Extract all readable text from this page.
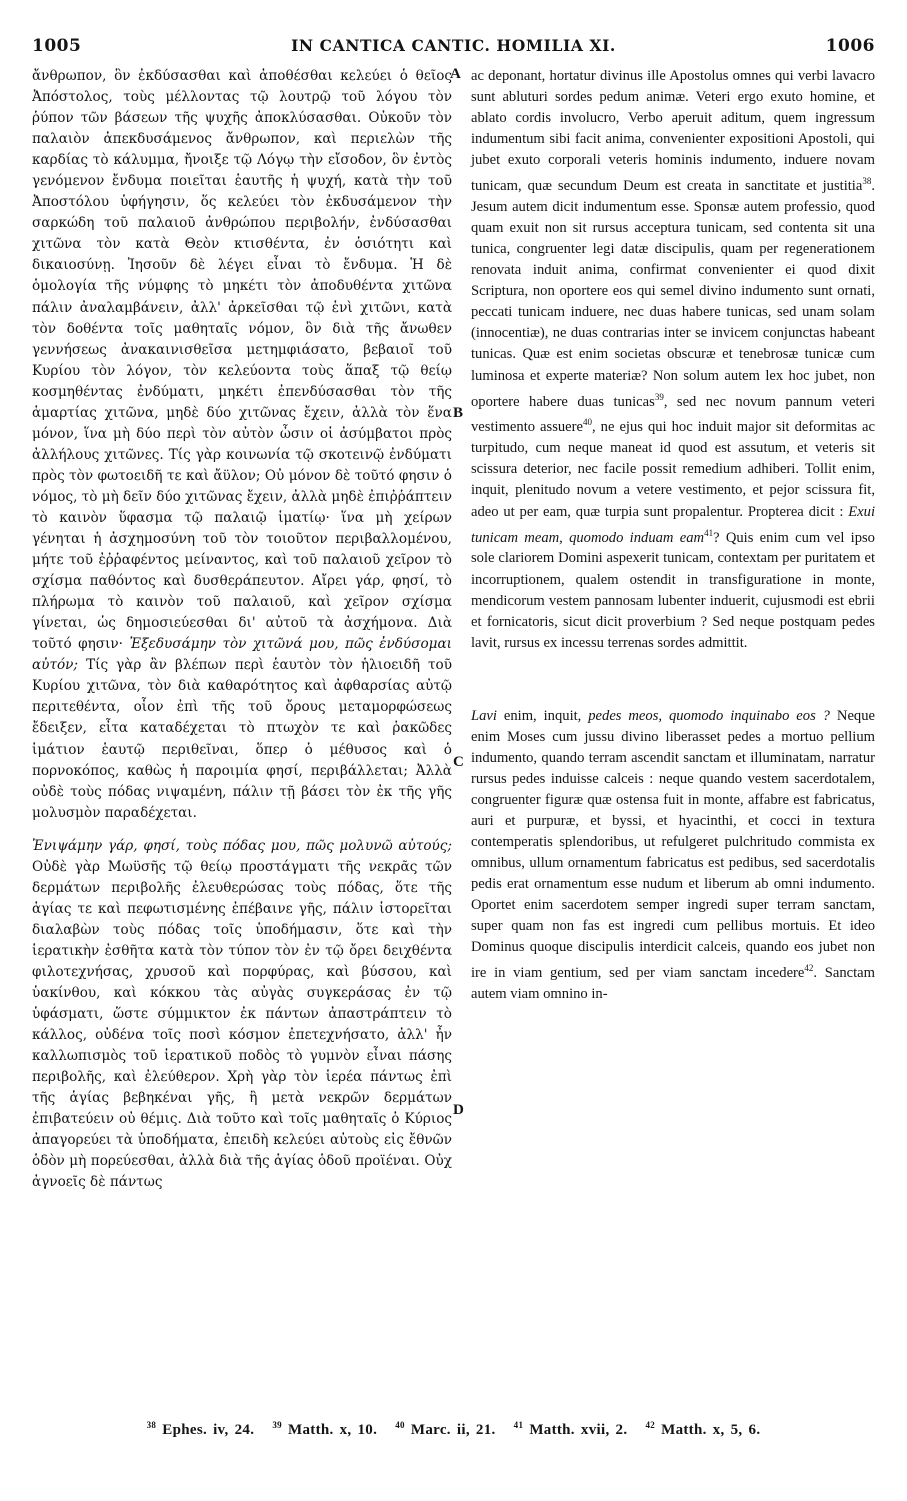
1005	IN CANTICA CANTIC. HOMILIA XI.	1006
A
B
C
D

ἄνθρωπον, ὃν ἐκδύσασθαι καὶ ἀποθέσθαι κελεύει ὁ θεῖος Ἀπόστολος, τοὺς μέλλοντας τῷ λουτρῷ τοῦ λόγου τὸν ῥύπον τῶν βάσεων τῆς ψυχῆς ἀποκλύσασθαι. Οὐκοῦν τὸν παλαιὸν ἀπεκδυσάμενος ἄνθρωπον, καὶ περιελὼν τῆς καρδίας τὸ κάλυμμα, ἤνοιξε τῷ Λόγῳ τὴν εἴσοδον, ὃν ἐντὸς γενόμενον ἔνδυμα ποιεῖται ἑαυτῆς ἡ ψυχή, κατὰ τὴν τοῦ Ἀποστόλου ὑφήγησιν, ὅς κελεύει τὸν ἐκδυσάμενον τὴν σαρκώδη τοῦ παλαιοῦ ἀνθρώπου περιβολήν, ἐνδύσασθαι χιτῶνα τὸν κατὰ Θεὸν κτισθέντα, ἐν ὁσιότητι καὶ δικαιοσύνῃ. Ἰησοῦν δὲ λέγει εἶναι τὸ ἔνδυμα. Ἡ δὲ ὁμολογία τῆς νύμφης τὸ μηκέτι τὸν ἀποδυθέντα χιτῶνα πάλιν ἀναλαμβάνειν, ἀλλ' ἀρκεῖσθαι τῷ ἑνὶ χιτῶνι, κατὰ τὸν δοθέντα τοῖς μαθηταῖς νόμον, ὃν διὰ τῆς ἄνωθεν γεννήσεως ἀνακαινισθεῖσα μετημφιάσατο, βεβαιοῖ τοῦ Κυρίου τὸν λόγον, τὸν κελεύοντα τοὺς ἅπαξ τῷ θείῳ κοσμηθέντας ἐνδύματι, μηκέτι ἐπενδύσασθαι τὸν τῆς ἁμαρτίας χιτῶνα, μηδὲ δύο χιτῶνας ἔχειν, ἀλλὰ τὸν ἕνα μόνον, ἵνα μὴ δύο περὶ τὸν αὐτὸν ὦσιν οἱ ἀσύμβατοι πρὸς ἀλλήλους χιτῶνες. Τίς γὰρ κοινωνία τῷ σκοτεινῷ ἐνδύματι πρὸς τὸν φωτοειδῆ τε καὶ ἄϋλον; Οὐ μόνον δὲ τοῦτό φησιν ὁ νόμος, τὸ μὴ δεῖν δύο χιτῶνας ἔχειν, ἀλλὰ μηδὲ ἐπιῤῥάπτειν τὸ καινὸν ὕφασμα τῷ παλαιῷ ἱματίῳ· ἵνα μὴ χείρων γένηται ἡ ἀσχημοσύνη τοῦ τὸν τοιοῦτον περιβαλλομένου, μήτε τοῦ ἐῤῥαφέντος μείναντος, καὶ τοῦ παλαιοῦ χεῖρον τὸ σχίσμα παθόντος καὶ δυσθεράπευτον. Αἴρει γάρ, φησί, τὸ πλήρωμα τὸ καινὸν τοῦ παλαιοῦ, καὶ χεῖρον σχίσμα γίνεται, ὡς δημοσιεύεσθαι δι' αὐτοῦ τὰ ἀσχήμονα. Διὰ τοῦτό φησιν· Ἐξεδυσάμην τὸν χιτῶνά μου, πῶς ἐνδύσομαι αὐτόν; Τίς γὰρ ἂν βλέπων περὶ ἑαυτὸν τὸν ἡλιοειδῆ τοῦ Κυρίου χιτῶνα, τὸν διὰ καθαρότητος καὶ ἀφθαρσίας αὐτῷ περιτεθέντα, οἷον ἐπὶ τῆς τοῦ ὄρους μεταμορφώσεως ἔδειξεν, εἶτα καταδέχεται τὸ πτωχὸν τε καὶ ῥακῶδες ἱμάτιον ἑαυτῷ περιθεῖναι, ὅπερ ὁ μέθυσος καὶ ὁ πορνοκόπος, καθὼς ἡ παροιμία φησί, περιβάλλεται; Ἀλλὰ οὐδὲ τοὺς πόδας νιψαμένη, πάλιν τῇ βάσει τὸν ἐκ τῆς γῆς μολυσμὸν παραδέχεται.

Ἐνιψάμην γάρ, φησί, τοὺς πόδας μου, πῶς μολυνῶ αὐτούς; Οὐδὲ γὰρ Μωϋσῆς τῷ θείῳ προστάγματι τῆς νεκρᾶς τῶν δερμάτων περιβολῆς ἐλευθερώσας τοὺς πόδας, ὅτε τῆς ἁγίας τε καὶ πεφωτισμένης ἐπέβαινε γῆς, πάλιν ἱστορεῖται διαλαβὼν τοὺς πόδας τοῖς ὑποδήμασιν, ὅτε καὶ τὴν ἱερατικὴν ἐσθῆτα κατὰ τὸν τύπον τὸν ἐν τῷ ὄρει δειχθέντα φιλοτεχνήσας, χρυσοῦ καὶ πορφύρας, καὶ βύσσου, καὶ ὑακίνθου, καὶ κόκκου τὰς αὐγὰς συγκεράσας ἐν τῷ ὑφάσματι, ὥστε σύμμικτον ἐκ πάντων ἀπαστράπτειν τὸ κάλλος, οὐδένα τοῖς ποσὶ κόσμον ἐπετεχνήσατο, ἀλλ' ἦν καλλωπισμὸς τοῦ ἱερατικοῦ ποδὸς τὸ γυμνὸν εἶναι πάσης περιβολῆς, καὶ ἐλεύθερον. Χρὴ γὰρ τὸν ἱερέα πάντως ἐπὶ τῆς ἁγίας βεβηκέναι γῆς, ἢ μετὰ νεκρῶν δερμάτων ἐπιβατεύειν οὐ θέμις. Διὰ τοῦτο καὶ τοῖς μαθηταῖς ὁ Κύριος ἀπαγορεύει τὰ ὑποδήματα, ἐπειδὴ κελεύει αὐτοὺς εἰς ἔθνῶν ὁδὸν μὴ πορεύεσθαι, ἀλλὰ διὰ τῆς ἁγίας ὁδοῦ προϊέναι. Οὐχ ἀγνοεῖς δὲ πάντως

ac deponant, hortatur divinus ille Apostolus omnes qui verbi lavacro sunt abluturi sordes pedum animæ. Veteri ergo exuto homine, et ablato cordis involucro, Verbo aperuit aditum, quem ingressum indumentum sibi facit anima, convenienter expositioni Apostoli, qui jubet exuto corporali veteris hominis indumento, induere novam tunicam, quæ secundum Deum est creata in sanctitate et justitia$^{38}$. Jesum autem dicit indumentum esse. Sponsæ autem professio, quod quam exuit non sit rursus acceptura tunicam, sed contenta sit una tunica, congruenter legi datæ discipulis, quam per regenerationem renovata induit anima, confirmat convenienter ei quod dixit Scriptura, non oportere eos qui semel divino indumento sunt ornati, peccati tunicam induere, nec duas habere tunicas, sed unam solam (innocentiæ), ne duas contrarias inter se invicem conjunctas habeant tunicas. Quæ est enim societas obscuræ et tenebrosæ tunicæ cum luminosa et experte materiæ? Non solum autem lex hoc jubet, non oportere habere duas tunicas$^{39}$, sed nec novum pannum veteri vestimento assuere$^{40}$, ne ejus qui hoc induit major sit deformitas ac turpitudo, cum neque maneat id quod est assutum, et veteris sit scissura deterior, nec facile possit remedium adhiberi. Tollit enim, inquit, plenitudo novum a vetere vestimento, et pejor scissura fit, adeo ut per eam, quæ turpia sunt propalentur. Propterea dicit : Exui tunicam meam, quomodo induam eam$^{41}$? Quis enim cum vel ipso sole clariorem Domini aspexerit tunicam, contextam per puritatem et incorruptionem, qualem ostendit in transfiguratione in monte, mendicorum vestem pannosam lubenter induerit, cujusmodi est ebrii et fornicatoris, sicut dicit proverbium ? Sed neque postquam pedes lavit, rursus ex incessu terrenas sordes admittit.

Lavi enim, inquit, pedes meos, quomodo inquinabo eos ? Neque enim Moses cum jussu divino liberasset pedes a mortuo pellium indumento, quando terram ascendit sanctam et illuminatam, narratur rursus pedes induisse calceis : neque quando vestem sacerdotalem, congruenter figuræ quæ ostensa fuit in monte, affabre est fabricatus, auri et purpuræ, et byssi, et hyacinthi, et cocci in textura contemperatis splendoribus, ut refulgeret pulchritudo commista ex omnibus, ullum ornamentum fabricatus est pedibus, sed sacerdotalis pedis erat ornamentum esse nudum et liberum ab omni indumento. Oportet enim sacerdotem semper ingredi super terram sanctam, super quam non fas est ingredi cum pellibus mortuis. Et ideo Dominus quoque discipulis interdicit calceis, quando eos jubet non ire in viam gentium, sed per viam sanctam incedere$^{42}$. Sanctam autem viam omnino in-

$^{38}$ Ephes. iv, 24. $^{39}$ Matth. x, 10. $^{40}$ Marc. ii, 21. $^{41}$ Matth. xvii, 2. $^{42}$ Matth. x, 5, 6.
